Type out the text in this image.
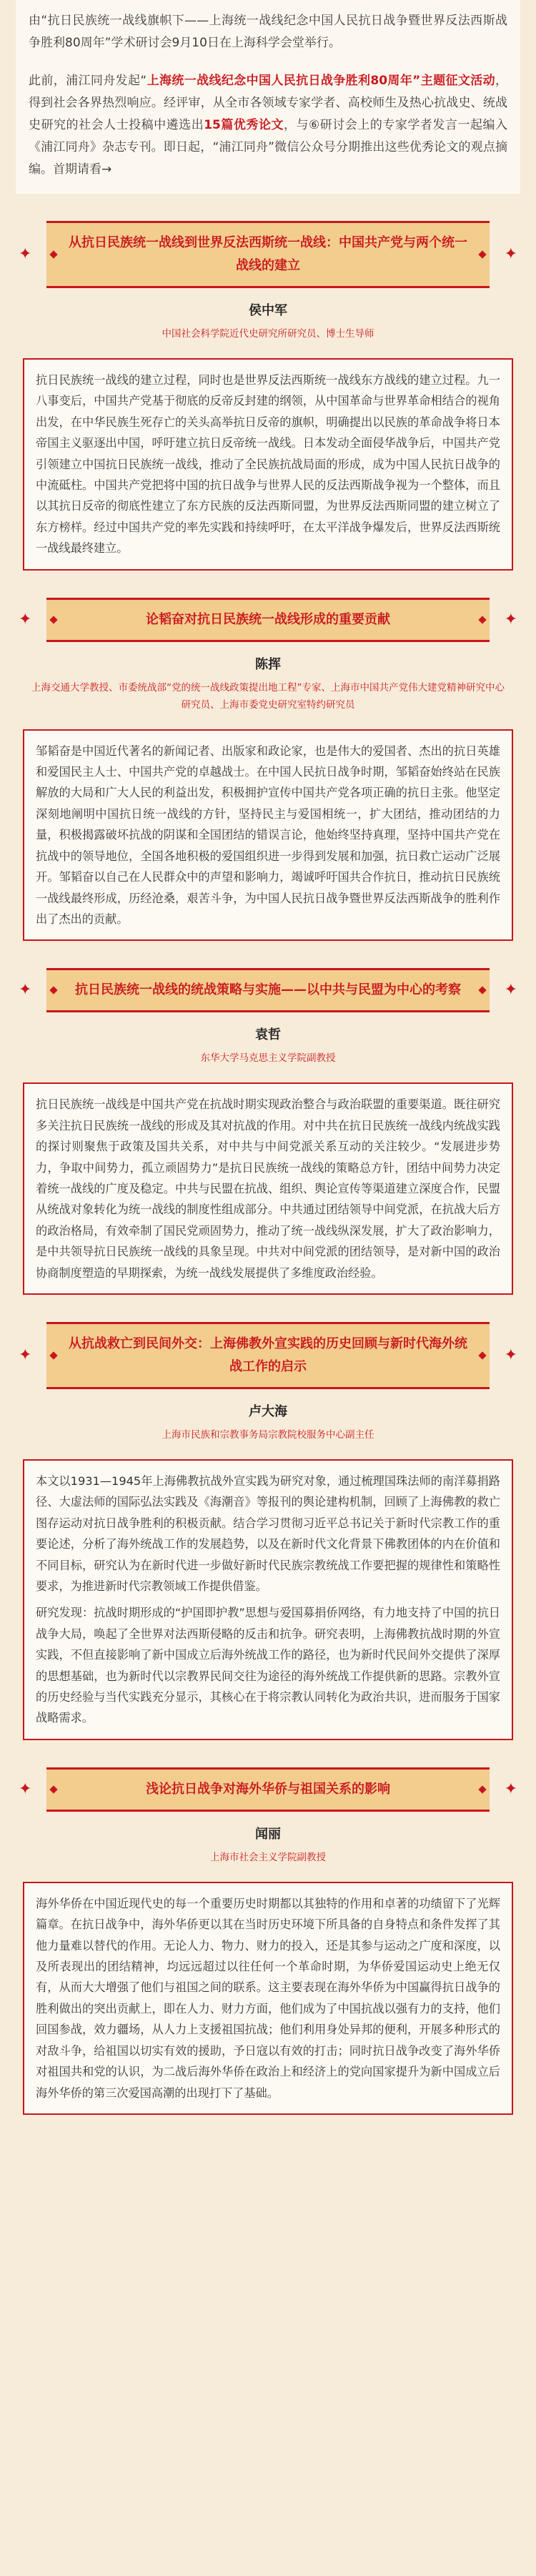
由“抗日民族统一战线旗帜下——上海统一战线纪念中国人民抗日战争暨世界反法西斯战争胜利80周年”学术研讨会9月10日在上海科学会堂举行。

此前，浦江同舟发起“上海统一战线纪念中国人民抗日战争胜利80周年”主题征文活动，得到社会各界热烈响应。经评审，从全市各领域专家学者、高校师生及热心抗战史、统战史研究的社会人士投稿中遴选出15篇优秀论文，与⑥研讨会上的专家学者发言一起编入《浦江同舟》杂志专刊。即日起，“浦江同舟”微信公众号分期推出这些优秀论文的观点摘编。首期请看→

✦
从抗日民族统一战线到世界反法西斯统一战线：中国共产党与两个统一战线的建立
✦
侯中军
中国社会科学院近代史研究所研究员、博士生导师

抗日民族统一战线的建立过程，同时也是世界反法西斯统一战线东方战线的建立过程。九一八事变后，中国共产党基于彻底的反帝反封建的纲领，从中国革命与世界革命相结合的视角出发，在中华民族生死存亡的关头高举抗日反帝的旗帜，明确提出以民族的革命战争将日本帝国主义驱逐出中国，呼吁建立抗日反帝统一战线。日本发动全面侵华战争后，中国共产党引领建立中国抗日民族统一战线，推动了全民族抗战局面的形成，成为中国人民抗日战争的中流砥柱。中国共产党把将中国的抗日战争与世界人民的反法西斯战争视为一个整体，而且以其抗日反帝的彻底性建立了东方民族的反法西斯同盟，为世界反法西斯同盟的建立树立了东方榜样。经过中国共产党的率先实践和持续呼吁，在太平洋战争爆发后，世界反法西斯统一战线最终建立。

✦	论韬奋对抗日民族统一战线形成的重要贡献	✦
陈挥
上海交通大学教授、市委统战部“党的统一战线政策提出地工程”专家、上海市中国共产党伟大建党精神研究中心研究员、上海市委党史研究室特约研究员

邹韬奋是中国近代著名的新闻记者、出版家和政论家，也是伟大的爱国者、杰出的抗日英雄和爱国民主人士、中国共产党的卓越战士。在中国人民抗日战争时期，邹韬奋始终站在民族解放的大局和广大人民的利益出发，积极拥护宣传中国共产党各项正确的抗日主张。他坚定深刻地阐明中国抗日统一战线的方针，坚持民主与爱国相统一，扩大团结，推动团结的力量，积极揭露破坏抗战的阴谋和全国团结的错误言论，他始终坚持真理，坚持中国共产党在抗战中的领导地位，全国各地积极的爱国组织进一步得到发展和加强，抗日救亡运动广泛展开。邹韬奋以自己在人民群众中的声望和影响力，竭诚呼吁国共合作抗日，推动抗日民族统一战线最终形成，历经沧桑，艰苦斗争，为中国人民抗日战争暨世界反法西斯战争的胜利作出了杰出的贡献。

✦	抗日民族统一战线的统战策略与实施——以中共与民盟为中心的考察	✦
袁哲
东华大学马克思主义学院副教授

抗日民族统一战线是中国共产党在抗战时期实现政治整合与政治联盟的重要渠道。既往研究多关注抗日民族统一战线的形成及其对抗战的作用。对中共在抗日民族统一战线内统战实践的探讨则聚焦于政策及国共关系，对中共与中间党派关系互动的关注较少。“发展进步势力，争取中间势力，孤立顽固势力”是抗日民族统一战线的策略总方针，团结中间势力决定着统一战线的广度及稳定。中共与民盟在抗战、组织、舆论宣传等渠道建立深度合作，民盟从统战对象转化为统一战线的制度性组成部分。中共通过团结领导中间党派，在抗战大后方的政治格局，有效牵制了国民党顽固势力，推动了统一战线纵深发展，扩大了政治影响力，是中共领导抗日民族统一战线的具象呈现。中共对中间党派的团结领导，是对新中国的政治协商制度塑造的早期探索，为统一战线发展提供了多维度政治经验。

✦
从抗战救亡到民间外交：上海佛教外宣实践的历史回顾与新时代海外统战工作的启示
✦
卢大海
上海市民族和宗教事务局宗教院校服务中心副主任

本文以1931—1945年上海佛教抗战外宣实践为研究对象，通过梳理国珠法师的南洋募捐路径、大虚法师的国际弘法实践及《海潮音》等报刊的舆论建构机制，回顾了上海佛教的救亡图存运动对抗日战争胜利的积极贡献。结合学习贯彻习近平总书记关于新时代宗教工作的重要论述，分析了海外统战工作的发展趋势，以及在新时代文化背景下佛教团体的内在价值和不同目标，研究认为在新时代进一步做好新时代民族宗教统战工作要把握的规律性和策略性要求，为推进新时代宗教领域工作提供借鉴。

研究发现：抗战时期形成的“护国即护教”思想与爱国募捐侨网络，有力地支持了中国的抗日战争大局，唤起了全世界对法西斯侵略的反击和抗争。研究表明，上海佛教抗战时期的外宣实践，不但直接影响了新中国成立后海外统战工作的路径，也为新时代民间外交提供了深厚的思想基础，也为新时代以宗教界民间交往为途径的海外统战工作提供新的思路。宗教外宣的历史经验与当代实践充分显示，其核心在于将宗教认同转化为政治共识，进而服务于国家战略需求。

✦	浅论抗日战争对海外华侨与祖国关系的影响	✦
闻丽
上海市社会主义学院副教授

海外华侨在中国近现代史的每一个重要历史时期都以其独特的作用和卓著的功绩留下了光辉篇章。在抗日战争中，海外华侨更以其在当时历史环境下所具备的自身特点和条件发挥了其他力量难以替代的作用。无论人力、物力、财力的投入，还是其参与运动之广度和深度，以及所表现出的团结精神，均远远超过以往任何一个革命时期，为华侨爱国运动史上绝无仅有，从而大大增强了他们与祖国之间的联系。这主要表现在海外华侨为中国赢得抗日战争的胜利做出的突出贡献上，即在人力、财力方面，他们成为了中国抗战以强有力的支持，他们回国参战，效力疆场，从人力上支援祖国抗战；他们利用身处异邦的便利，开展多种形式的对敌斗争，给祖国以切实有效的援助，予日寇以有效的打击；同时抗日战争改变了海外华侨对祖国共和党的认识，为二战后海外华侨在政治上和经济上的党向国家提升为新中国成立后海外华侨的第三次爱国高潮的出现打下了基础。
